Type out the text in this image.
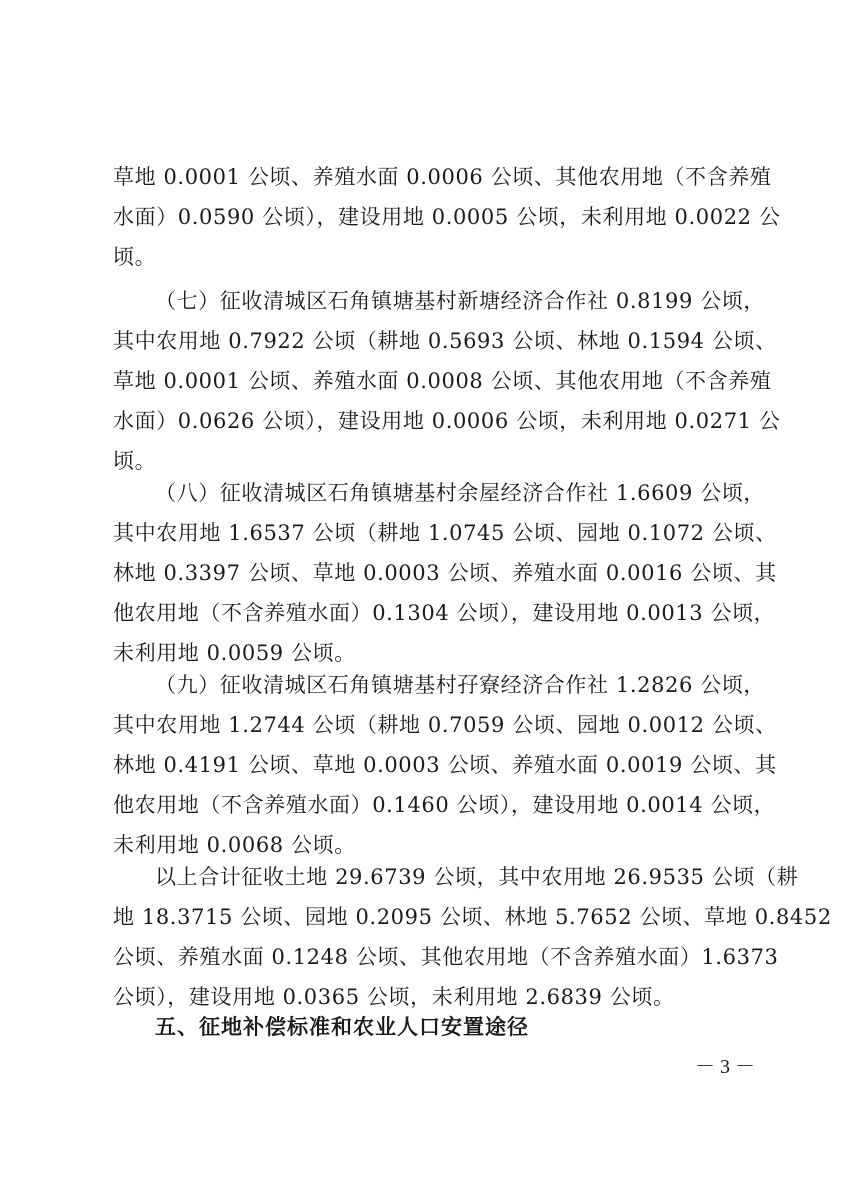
草地 0.0001 公顷、养殖水面 0.0006 公顷、其他农用地（不含养殖
水面）0.0590 公顷），建设用地 0.0005 公顷，未利用地 0.0022 公
顷。
（七）征收清城区石角镇塘基村新塘经济合作社 0.8199 公顷，
其中农用地 0.7922 公顷（耕地 0.5693 公顷、林地 0.1594 公顷、
草地 0.0001 公顷、养殖水面 0.0008 公顷、其他农用地（不含养殖
水面）0.0626 公顷），建设用地 0.0006 公顷，未利用地 0.0271 公
顷。
（八）征收清城区石角镇塘基村余屋经济合作社 1.6609 公顷，
其中农用地 1.6537 公顷（耕地 1.0745 公顷、园地 0.1072 公顷、
林地 0.3397 公顷、草地 0.0003 公顷、养殖水面 0.0016 公顷、其
他农用地（不含养殖水面）0.1304 公顷），建设用地 0.0013 公顷，
未利用地 0.0059 公顷。
（九）征收清城区石角镇塘基村孖寮经济合作社 1.2826 公顷，
其中农用地 1.2744 公顷（耕地 0.7059 公顷、园地 0.0012 公顷、
林地 0.4191 公顷、草地 0.0003 公顷、养殖水面 0.0019 公顷、其
他农用地（不含养殖水面）0.1460 公顷），建设用地 0.0014 公顷，
未利用地 0.0068 公顷。
以上合计征收土地 29.6739 公顷，其中农用地 26.9535 公顷（耕
地 18.3715 公顷、园地 0.2095 公顷、林地 5.7652 公顷、草地 0.8452
公顷、养殖水面 0.1248 公顷、其他农用地（不含养殖水面）1.6373
公顷），建设用地 0.0365 公顷，未利用地 2.6839 公顷。
五、征地补偿标准和农业人口安置途径
－ 3 －
